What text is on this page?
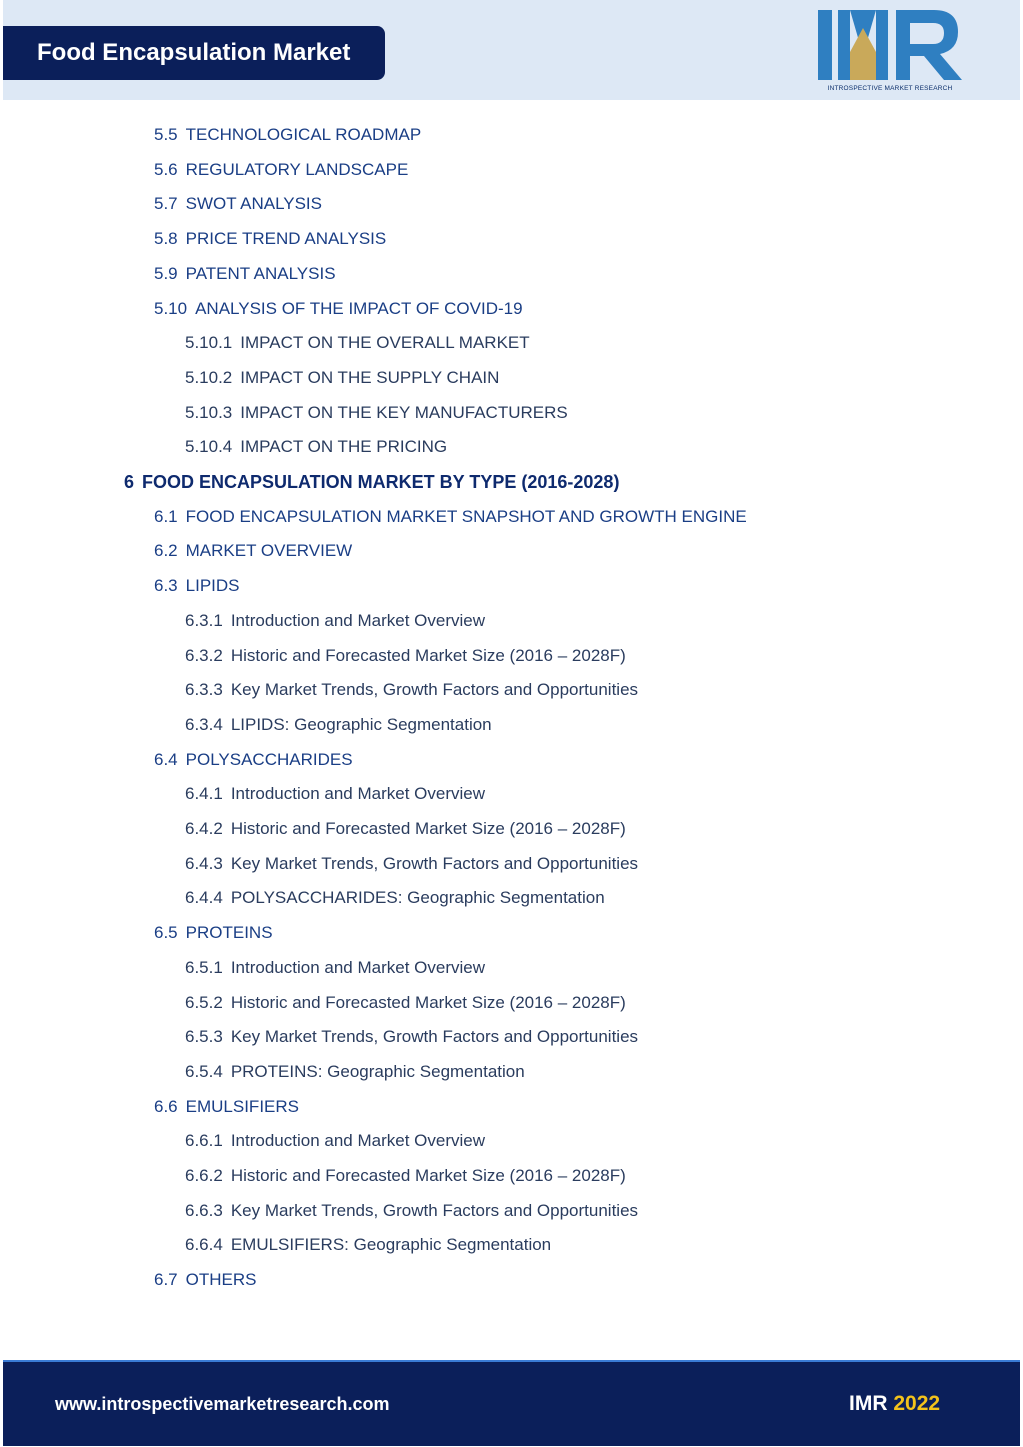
Food Encapsulation Market
INTROSPECTIVE MARKET RESEARCH
5.5 TECHNOLOGICAL ROADMAP
5.6 REGULATORY LANDSCAPE
5.7 SWOT ANALYSIS
5.8 PRICE TREND ANALYSIS
5.9 PATENT ANALYSIS
5.10 ANALYSIS OF THE IMPACT OF COVID-19
5.10.1 IMPACT ON THE OVERALL MARKET
5.10.2 IMPACT ON THE SUPPLY CHAIN
5.10.3 IMPACT ON THE KEY MANUFACTURERS
5.10.4 IMPACT ON THE PRICING
6 FOOD ENCAPSULATION MARKET BY TYPE (2016-2028)
6.1 FOOD ENCAPSULATION MARKET SNAPSHOT AND GROWTH ENGINE
6.2 MARKET OVERVIEW
6.3 LIPIDS
6.3.1 Introduction and Market Overview
6.3.2 Historic and Forecasted Market Size (2016 – 2028F)
6.3.3 Key Market Trends, Growth Factors and Opportunities
6.3.4 LIPIDS: Geographic Segmentation
6.4 POLYSACCHARIDES
6.4.1 Introduction and Market Overview
6.4.2 Historic and Forecasted Market Size (2016 – 2028F)
6.4.3 Key Market Trends, Growth Factors and Opportunities
6.4.4 POLYSACCHARIDES: Geographic Segmentation
6.5 PROTEINS
6.5.1 Introduction and Market Overview
6.5.2 Historic and Forecasted Market Size (2016 – 2028F)
6.5.3 Key Market Trends, Growth Factors and Opportunities
6.5.4 PROTEINS: Geographic Segmentation
6.6 EMULSIFIERS
6.6.1 Introduction and Market Overview
6.6.2 Historic and Forecasted Market Size (2016 – 2028F)
6.6.3 Key Market Trends, Growth Factors and Opportunities
6.6.4 EMULSIFIERS: Geographic Segmentation
6.7 OTHERS
www.introspectivemarketresearch.com	IMR 2022
